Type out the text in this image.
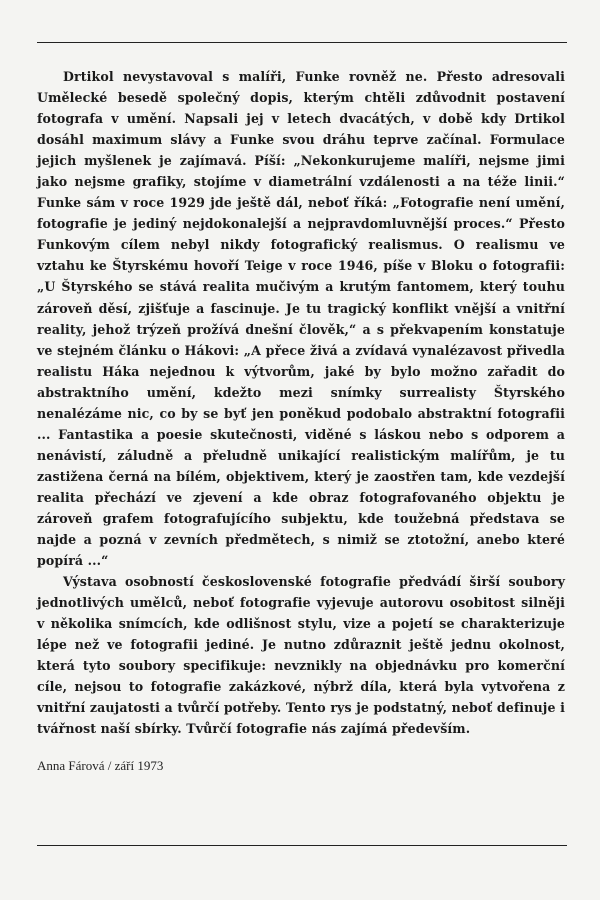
Drtikol nevystavoval s malíři, Funke rovněž ne. Přesto adresovali Umělecké besedě společný dopis, kterým chtěli zdůvodnit postavení fotografa v umění. Napsali jej v letech dvacátých, v době kdy Drtikol dosáhl maximum slávy a Funke svou dráhu teprve začínal. Formulace jejich myšlenek je zajímavá. Píší: „Nekonkurujeme malíři, nejsme jimi jako nejsme grafiky, stojíme v diametrální vzdálenosti a na téže linii.“ Funke sám v roce 1929 jde ještě dál, neboť říká: „Fotografie není umění, fotografie je jediný nejdokonalejší a nejpravdomluvnější proces.“ Přesto Funkovým cílem nebyl nikdy fotografický realismus. O realismu ve vztahu ke Štyrskému hovoří Teige v roce 1946, píše v Bloku o fotografii: „U Štyrského se stává realita mučivým a krutým fantomem, který touhu zároveň děsí, zjišťuje a fascinuje. Je tu tragický konflikt vnější a vnitřní reality, jehož trýzeň prožívá dnešní člověk,“ a s překvapením konstatuje ve stejném článku o Hákovi: „A přece živá a zvídavá vynalézavost přivedla realistu Háka nejednou k výtvorům, jaké by bylo možno zařadit do abstraktního umění, kdežto mezi snímky surrealisty Štyrského nenalézáme nic, co by se byť jen poněkud podobalo abstraktní fotografii ... Fantastika a poesie skutečnosti, viděné s láskou nebo s odporem a nenávistí, záludně a přeludně unikající realistickým malířům, je tu zastižena černá na bílém, objektivem, který je zaostřen tam, kde vezdejší realita přechází ve zjevení a kde obraz fotografovaného objektu je zároveň grafem fotografujícího subjektu, kde toužebná představa se najde a pozná v zevních předmětech, s nimiž se ztotožní, anebo které popírá ...“

Výstava osobností československé fotografie předvádí širší soubory jednotlivých umělců, neboť fotografie vyjevuje autorovu osobitost silněji v několika snímcích, kde odlišnost stylu, vize a pojetí se charakterizuje lépe než ve fotografii jediné. Je nutno zdůraznit ještě jednu okolnost, která tyto soubory specifikuje: nevznikly na objednávku pro komerční cíle, nejsou to fotografie zakázkové, nýbrž díla, která byla vytvořena z vnitřní zaujatosti a tvůrčí potřeby. Tento rys je podstatný, neboť definuje i tvářnost naší sbírky. Tvůrčí fotografie nás zajímá především.

Anna Fárová / září 1973
